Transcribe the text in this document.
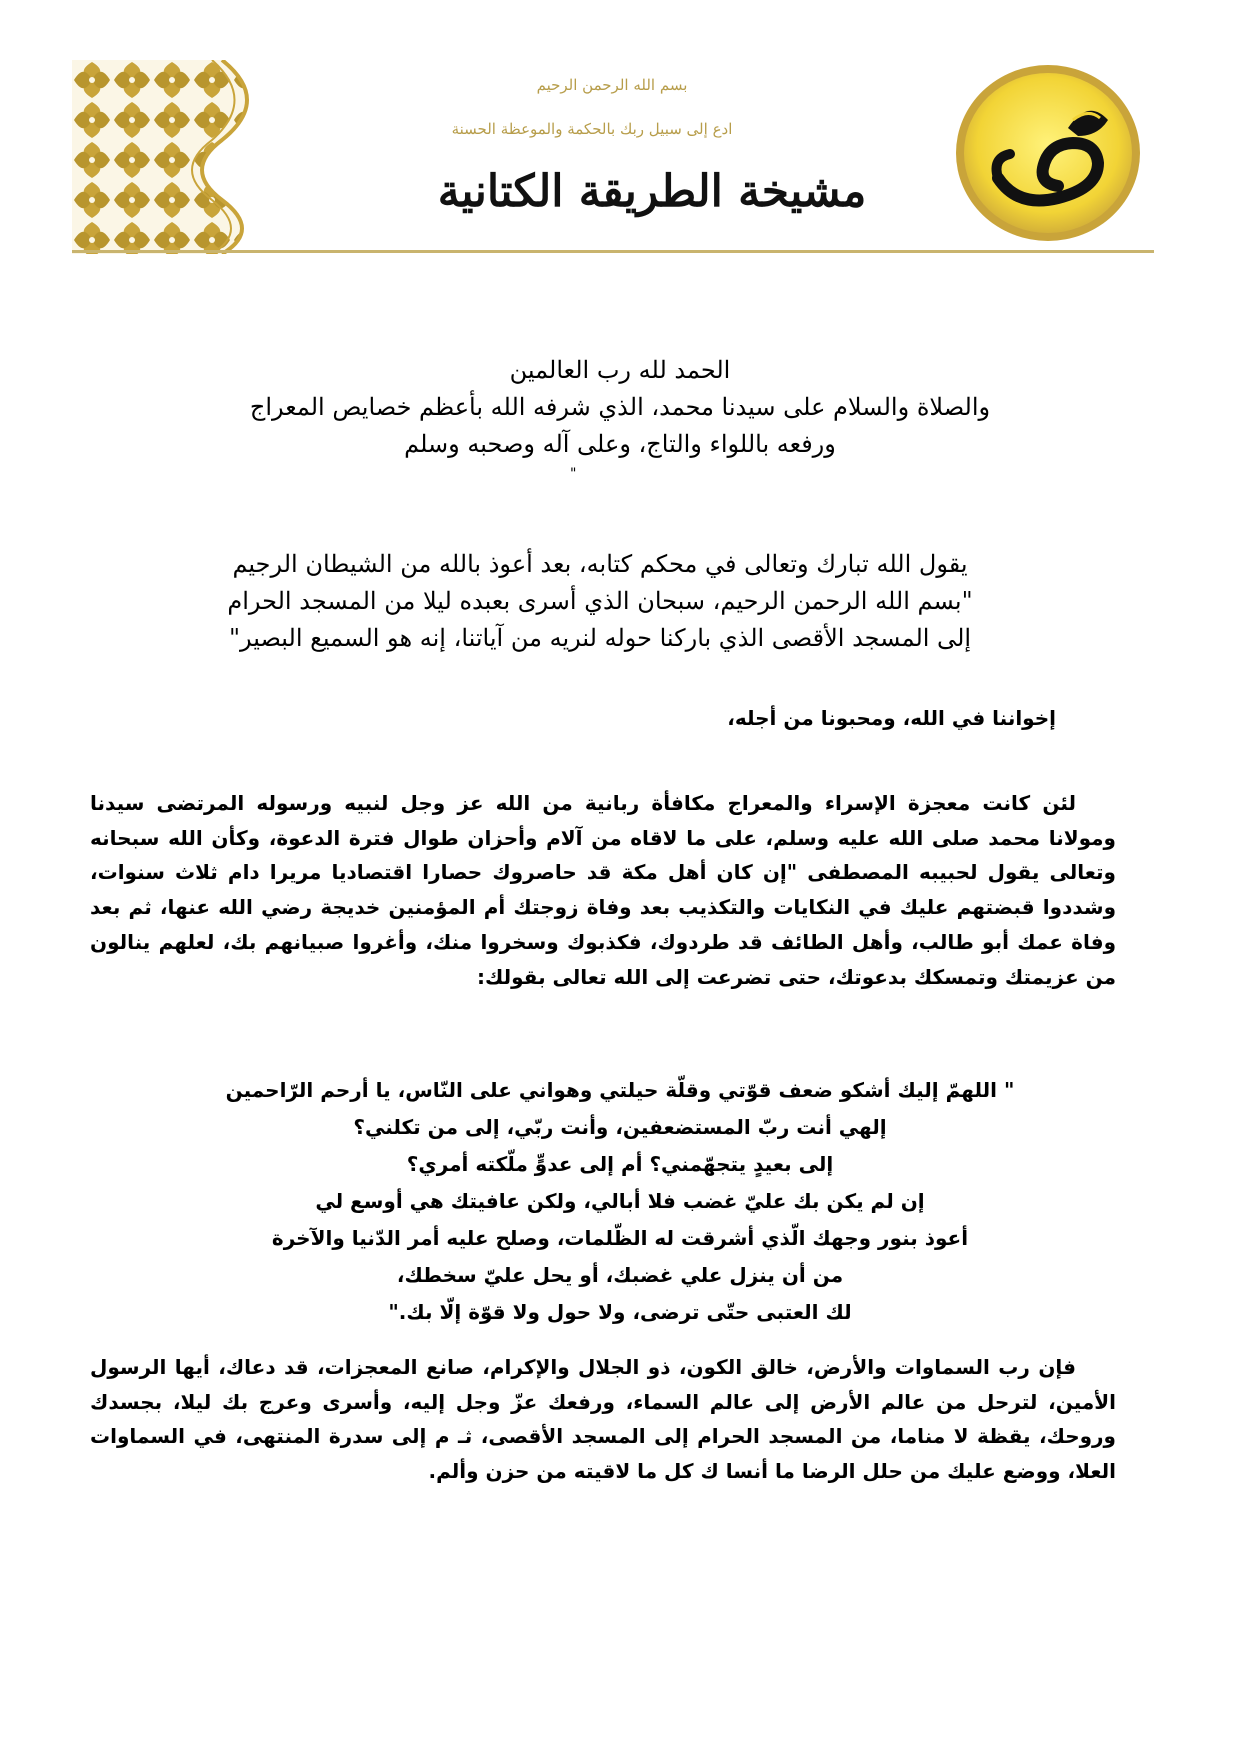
بسم الله الرحمن الرحيم
ادع إلى سبيل ربك بالحكمة والموعظة الحسنة
مشيخة الطريقة الكتانية
الحمد لله رب العالمين
والصلاة والسلام على سيدنا محمد، الذي شرفه الله بأعظم خصايص المعراج
ورفعه باللواء والتاج، وعلى آله وصحبه وسلم
"
يقول الله تبارك وتعالى في محكم كتابه، بعد أعوذ بالله من الشيطان الرجيم
"بسم الله الرحمن الرحيم، سبحان الذي أسرى بعبده ليلا من المسجد الحرام
إلى المسجد الأقصى الذي باركنا حوله لنريه من آياتنا، إنه هو السميع البصير"
إخواننا في الله، ومحبونا من أجله،
لئن كانت معجزة الإسراء والمعراج مكافأة ربانية من الله عز وجل لنبيه ورسوله المرتضى سيدنا ومولانا محمد صلى الله عليه وسلم، على ما لاقاه من آلام وأحزان طوال فترة الدعوة، وكأن الله سبحانه وتعالى يقول لحبيبه المصطفى "إن كان أهل مكة قد حاصروك حصارا اقتصاديا مريرا دام ثلاث سنوات، وشددوا قبضتهم عليك في النكايات والتكذيب بعد وفاة زوجتك أم المؤمنين خديجة رضي الله عنها، ثم بعد وفاة عمك أبو طالب، وأهل الطائف قد طردوك، فكذبوك وسخروا منك، وأغروا صبيانهم بك، لعلهم ينالون من عزيمتك وتمسكك بدعوتك، حتى تضرعت إلى الله تعالى بقولك:
" اللهمّ إليك أشكو ضعف قوّتي وقلّة حيلتي وهواني على النّاس، يا أرحم الرّاحمين
إلهي أنت ربّ المستضعفين، وأنت ربّي، إلى من تكلني؟
إلى بعيدٍ يتجهّمني؟ أم إلى عدوٍّ ملّكته أمري؟
إن لم يكن بك عليّ غضب فلا أبالي، ولكن عافيتك هي أوسع لي
أعوذ بنور وجهك الّذي أشرقت له الظّلمات، وصلح عليه أمر الدّنيا والآخرة
من أن ينزل علي غضبك، أو يحل عليّ سخطك،
لك العتبى حتّى ترضى، ولا حول ولا قوّة إلّا بك."
فإن رب السماوات والأرض، خالق الكون، ذو الجلال والإكرام، صانع المعجزات، قد دعاك، أيها الرسول الأمين، لترحل من عالم الأرض إلى عالم السماء، ورفعك عزّ وجل إليه، وأسرى وعرج بك ليلا، بجسدك وروحك، يقظة لا مناما، من المسجد الحرام إلى المسجد الأقصى، ثـ م إلى سدرة المنتهى، في السماوات العلا، ووضع عليك من حلل الرضا ما أنسا ك كل ما لاقيته من حزن وألم.
